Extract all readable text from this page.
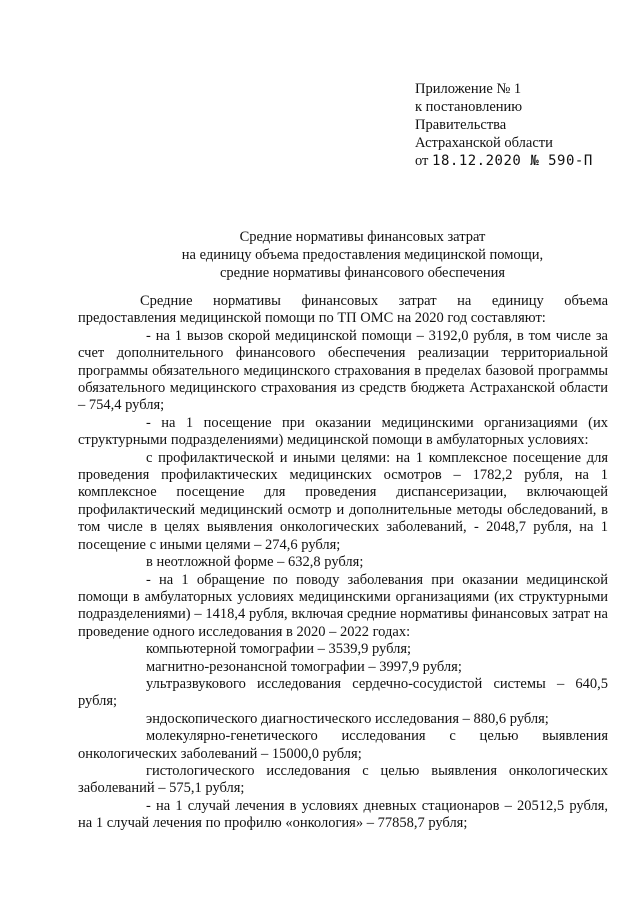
Приложение № 1
к постановлению
Правительства
Астраханской области
от 18.12.2020 № 590-П
Средние нормативы финансовых затрат
на единицу объема предоставления медицинской помощи,
средние нормативы финансового обеспечения

Средние нормативы финансовых затрат на единицу объема предоставления медицинской помощи по ТП ОМС на 2020 год составляют:

- на 1 вызов скорой медицинской помощи – 3192,0 рубля, в том числе за счет дополнительного финансового обеспечения реализации территориальной программы обязательного медицинского страхования в пределах базовой программы обязательного медицинского страхования из средств бюджета Астраханской области – 754,4 рубля;

- на 1 посещение при оказании медицинскими организациями (их структурными подразделениями) медицинской помощи в амбулаторных условиях:

с профилактической и иными целями: на 1 комплексное посещение для проведения профилактических медицинских осмотров – 1782,2 рубля, на 1 комплексное посещение для проведения диспансеризации, включающей профилактический медицинский осмотр и дополнительные методы обследований, в том числе в целях выявления онкологических заболеваний, - 2048,7 рубля, на 1 посещение с иными целями – 274,6 рубля;

в неотложной форме – 632,8 рубля;

- на 1 обращение по поводу заболевания при оказании медицинской помощи в амбулаторных условиях медицинскими организациями (их структурными подразделениями) – 1418,4 рубля, включая средние нормативы финансовых затрат на проведение одного исследования в 2020 – 2022 годах:

компьютерной томографии – 3539,9 рубля;

магнитно-резонансной томографии – 3997,9 рубля;

ультразвукового исследования сердечно-сосудистой системы – 640,5 рубля;

эндоскопического диагностического исследования – 880,6 рубля;

молекулярно-генетического исследования с целью выявления онкологических заболеваний – 15000,0 рубля;

гистологического исследования с целью выявления онкологических заболеваний – 575,1 рубля;

- на 1 случай лечения в условиях дневных стационаров – 20512,5 рубля, на 1 случай лечения по профилю «онкология» – 77858,7 рубля;
